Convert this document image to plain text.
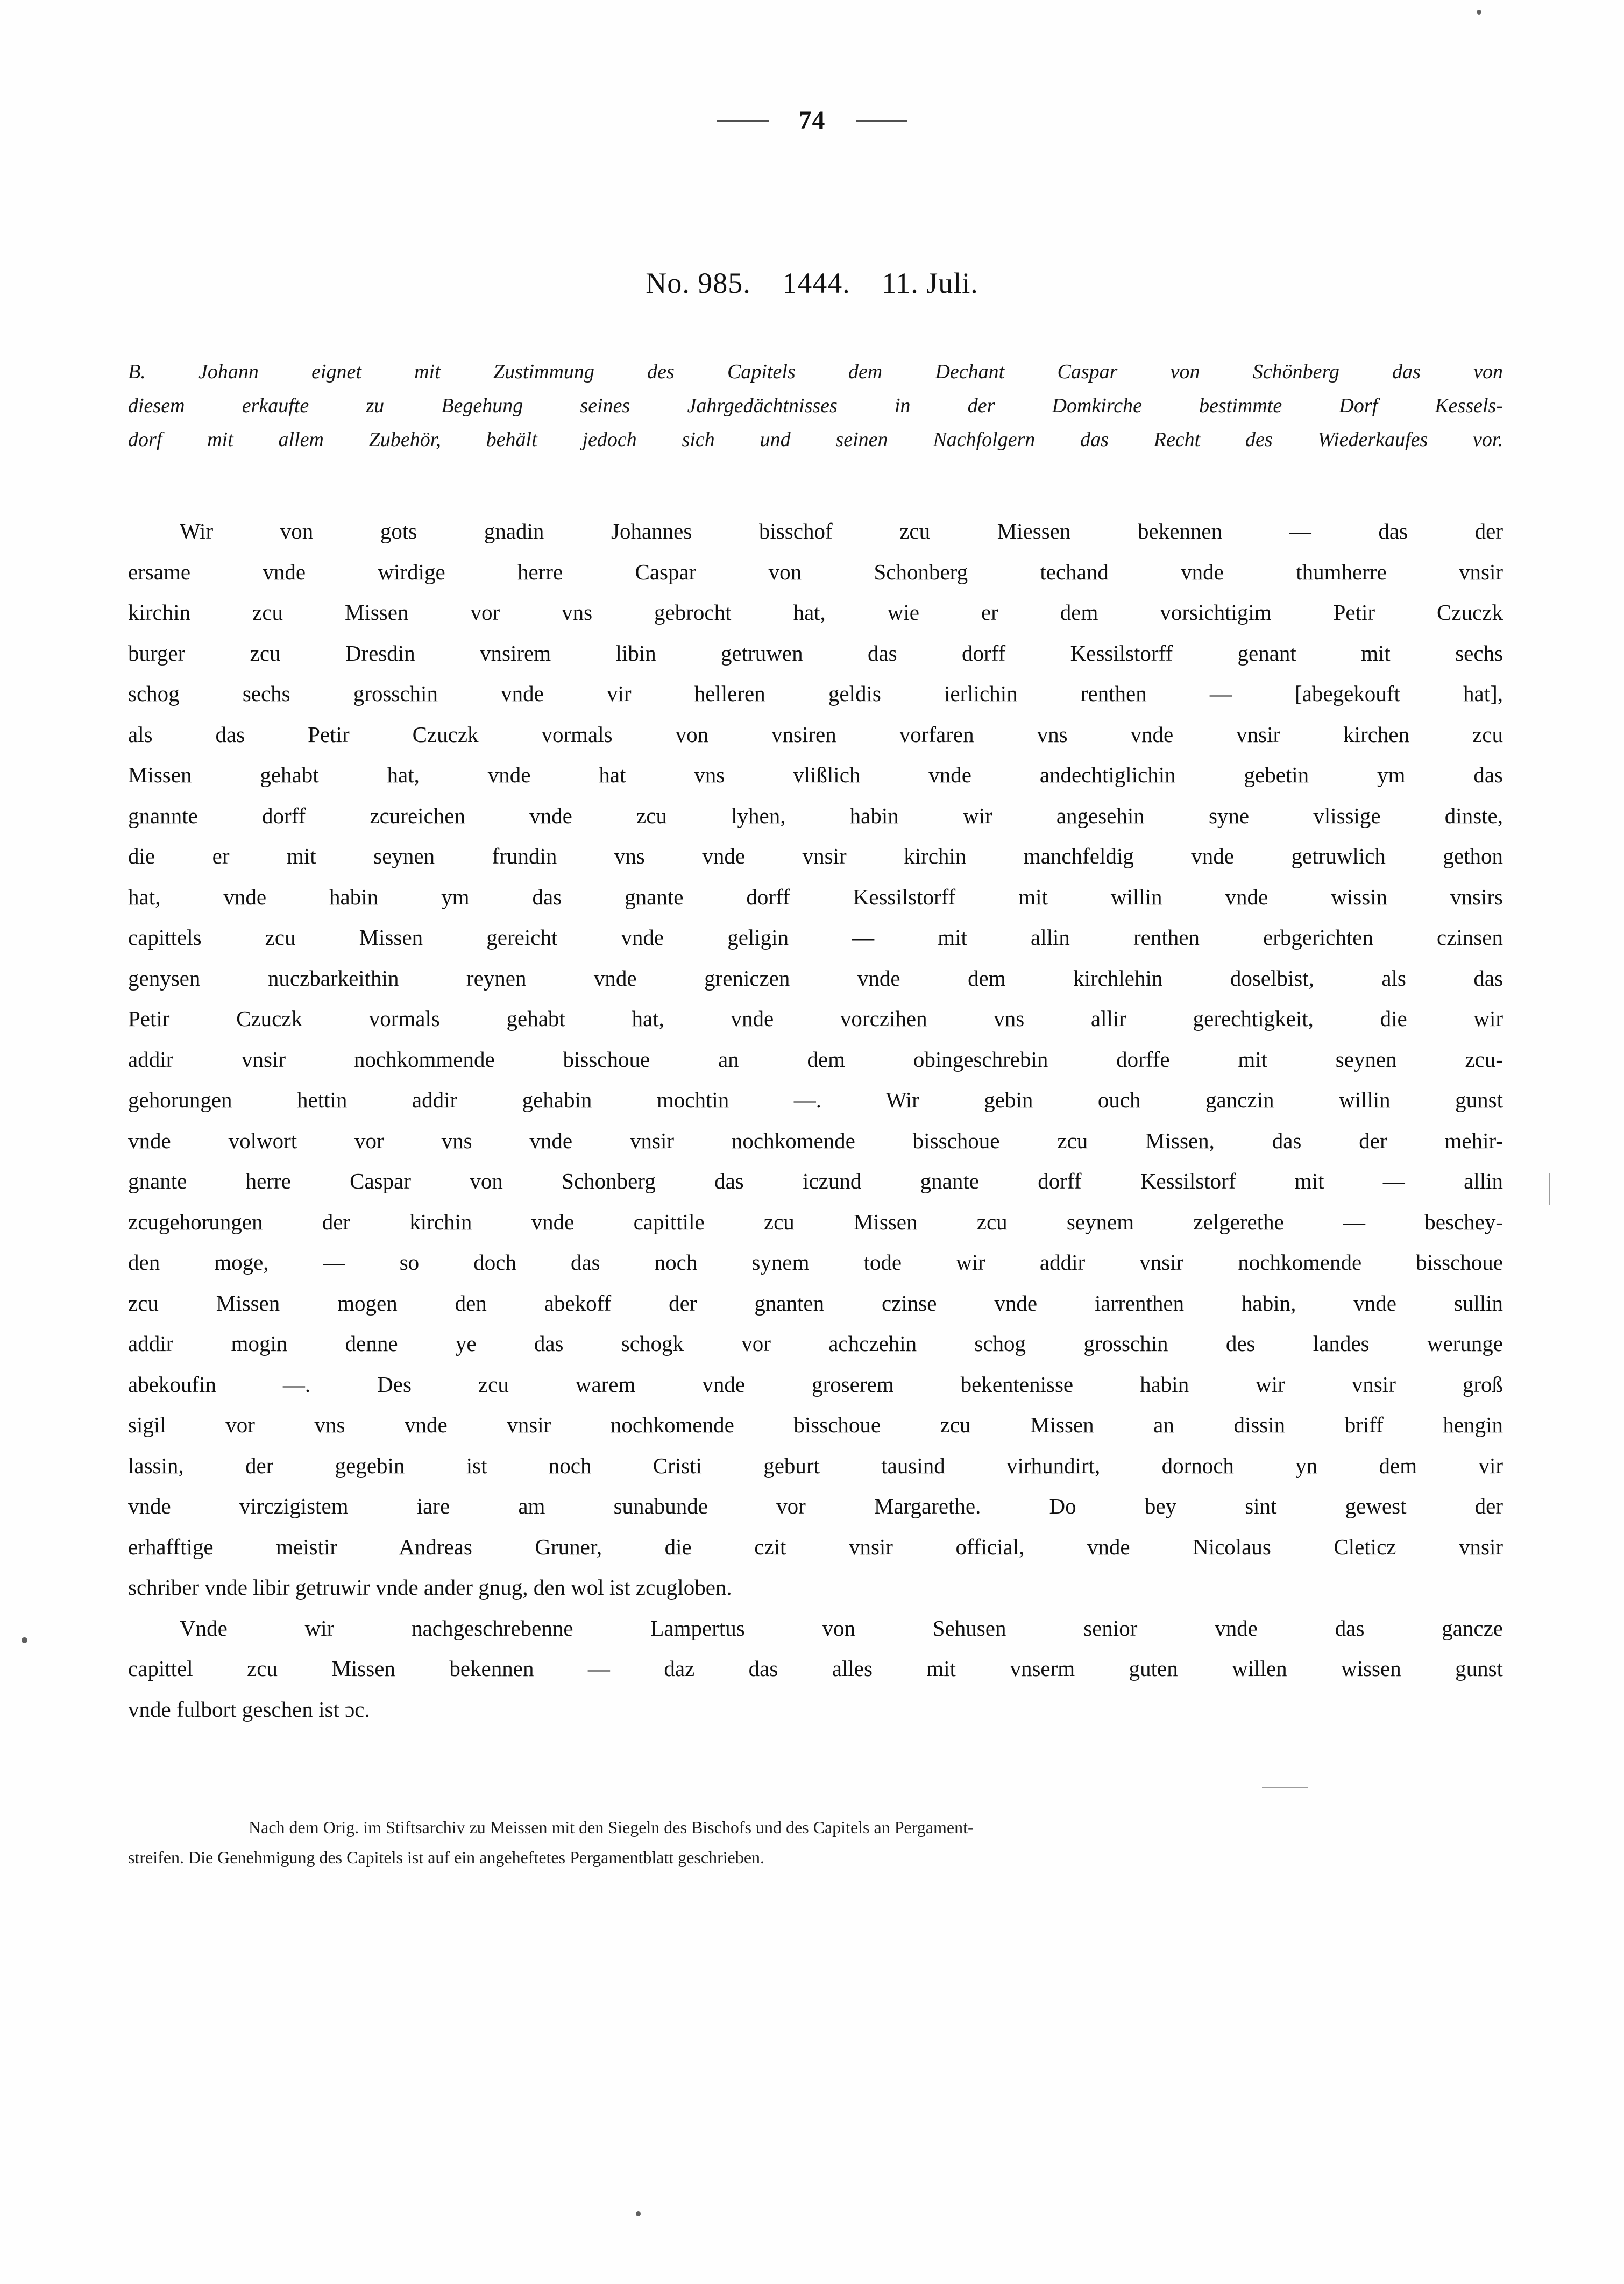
74
No. 985. 1444. 11. Juli.
B. Johann eignet mit Zustimmung des Capitels dem Dechant Caspar von Schönberg das von
diesem erkaufte zu Begehung seines Jahrgedächtnisses in der Domkirche bestimmte Dorf Kessels-
dorf mit allem Zubehör, behält jedoch sich und seinen Nachfolgern das Recht des Wiederkaufes vor.
Wir von gots gnadin Johannes bisschof zcu Miessen bekennen — das der
ersame vnde wirdige herre Caspar von Schonberg techand vnde thumherre vnsir
kirchin zcu Missen vor vns gebrocht hat, wie er dem vorsichtigim Petir Czuczk
burger zcu Dresdin vnsirem libin getruwen das dorff Kessilstorff genant mit sechs
schog sechs grosschin vnde vir helleren geldis ierlichin renthen — [abegekouft hat],
als das Petir Czuczk vormals von vnsiren vorfaren vns vnde vnsir kirchen zcu
Missen gehabt hat, vnde hat vns vlißlich vnde andechtiglichin gebetin ym das
gnannte dorff zcureichen vnde zcu lyhen, habin wir angesehin syne vlissige dinste,
die er mit seynen frundin vns vnde vnsir kirchin manchfeldig vnde getruwlich gethon
hat, vnde habin ym das gnante dorff Kessilstorff mit willin vnde wissin vnsirs
capittels zcu Missen gereicht vnde geligin — mit allin renthen erbgerichten czinsen
genysen nuczbarkeithin reynen vnde greniczen vnde dem kirchlehin doselbist, als das
Petir Czuczk vormals gehabt hat, vnde vorczihen vns allir gerechtigkeit, die wir
addir vnsir nochkommende bisschoue an dem obingeschrebin dorffe mit seynen zcu-
gehorungen hettin addir gehabin mochtin —. Wir gebin ouch ganczin willin gunst
vnde volwort vor vns vnde vnsir nochkomende bisschoue zcu Missen, das der mehir-
gnante herre Caspar von Schonberg das iczund gnante dorff Kessilstorf mit — allin
zcugehorungen der kirchin vnde capittile zcu Missen zcu seynem zelgerethe — beschey-
den moge, — so doch das noch synem tode wir addir vnsir nochkomende bisschoue
zcu Missen mogen den abekoff der gnanten czinse vnde iarrenthen habin, vnde sullin
addir mogin denne ye das schogk vor achczehin schog grosschin des landes werunge
abekoufin —. Des zcu warem vnde groserem bekentenisse habin wir vnsir groß
sigil vor vns vnde vnsir nochkomende bisschoue zcu Missen an dissin briff hengin
lassin, der gegebin ist noch Cristi geburt tausind virhundirt, dornoch yn dem vir
vnde virczigistem iare am sunabunde vor Margarethe. Do bey sint gewest der
erhafftige meistir Andreas Gruner, die czit vnsir official, vnde Nicolaus Cleticz vnsir
schriber vnde libir getruwir vnde ander gnug, den wol ist zcugloben.
Vnde wir nachgeschrebenne Lampertus von Sehusen senior vnde das gancze
capittel zcu Missen bekennen — daz das alles mit vnserm guten willen wissen gunst
vnde fulbort geschen ist ɔc.
Nach dem Orig. im Stiftsarchiv zu Meissen mit den Siegeln des Bischofs und des Capitels an Pergament-
streifen. Die Genehmigung des Capitels ist auf ein angeheftetes Pergamentblatt geschrieben.
